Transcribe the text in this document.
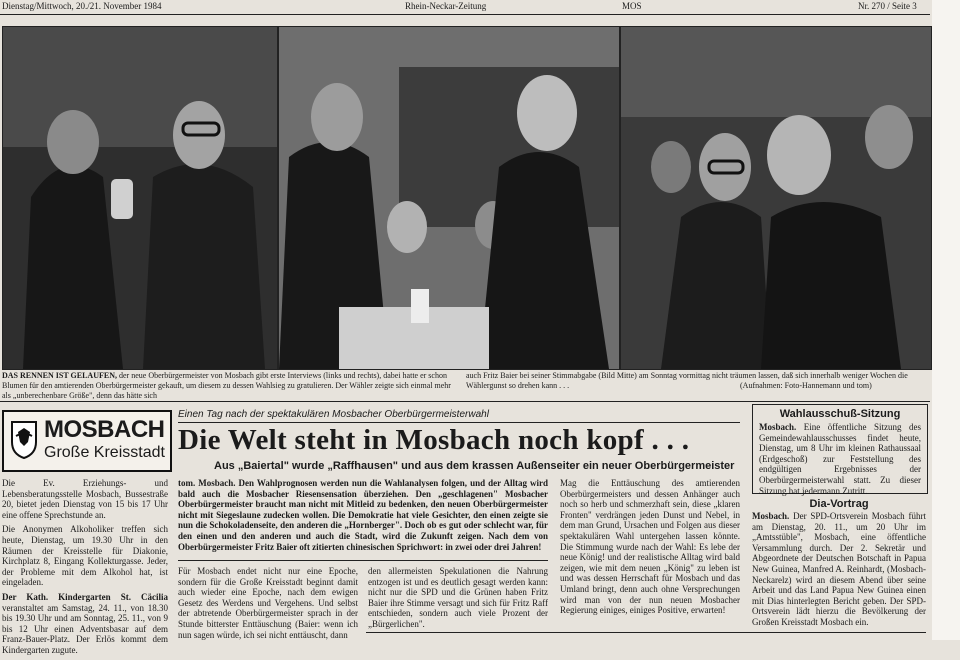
Dienstag/Mittwoch, 20./21. November 1984	Rhein-Neckar-Zeitung	MOS	Nr. 270 / Seite 3
DAS RENNEN IST GELAUFEN, der neue Oberbürgermeister von Mosbach gibt erste Interviews (links und rechts), dabei hatte er schon Blumen für den amtierenden Oberbürgermeister gekauft, um diesem zu dessen Wahlsieg zu gratulieren. Der Wähler zeigte sich einmal mehr als „unberechenbare Größe", denn das hätte sich
auch Fritz Baier bei seiner Stimmabgabe (Bild Mitte) am Sonntag vormittag nicht träumen lassen, daß sich innerhalb weniger Wochen die Wählergunst so drehen kann . . .	(Aufnahmen: Foto-Hannemann und tom)
MOSBACH
Große Kreisstadt

Die Ev. Erziehungs- und Lebensberatungsstelle Mosbach, Bussestraße 20, bietet jeden Dienstag von 15 bis 17 Uhr eine offene Sprechstunde an.

Die Anonymen Alkoholiker treffen sich heute, Dienstag, um 19.30 Uhr in den Räumen der Kreisstelle für Diakonie, Kirchplatz 8, Eingang Kollekturgasse. Jeder, der Probleme mit dem Alkohol hat, ist eingeladen.

Der Kath. Kindergarten St. Cäcilia veranstaltet am Samstag, 24. 11., von 18.30 bis 19.30 Uhr und am Sonntag, 25. 11., von 9 bis 12 Uhr einen Adventsbasar auf dem Franz-Bauer-Platz. Der Erlös kommt dem Kindergarten zugute.

Einen Tag nach der spektakulären Mosbacher Oberbürgermeisterwahl
Die Welt steht in Mosbach noch kopf . . .
Aus „Baiertal" wurde „Raffhausen" und aus dem krassen Außenseiter ein neuer Oberbürgermeister
tom. Mosbach. Den Wahlprognosen werden nun die Wahlanalysen folgen, und der Alltag wird bald auch die Mosbacher Riesensensation überziehen. Den „geschlagenen" Mosbacher Oberbürgermeister braucht man nicht mit Mitleid zu bedenken, den neuen Oberbürgermeister nicht mit Siegeslaune zudecken wollen. Die Demokratie hat viele Gesichter, den einen zeigte sie nun die Schokoladenseite, den anderen die „Hornberger". Doch ob es gut oder schlecht war, für den einen und den anderen und auch die Stadt, wird die Zukunft zeigen. Nach dem von Oberbürgermeister Fritz Baier oft zitierten chinesischen Sprichwort: in zwei oder drei Jahren!
Mag die Enttäuschung des amtierenden Oberbürgermeisters und dessen Anhänger auch noch so herb und schmerzhaft sein, diese „klaren Fronten" verdrängen jeden Dunst und Nebel, in dem man Grund, Ursachen und Folgen aus dieser spektakulären Wahl untergehen lassen könnte. Die Stimmung wurde nach der Wahl: Es lebe der neue König! und der realistische Alltag wird bald zeigen, wie mit dem neuen „König" zu leben ist und was dessen Herrschaft für Mosbach und das Umland bringt, denn auch ohne Versprechungen wird man von der nun neuen Mosbacher Regierung einiges, einiges Positive, erwarten!
Für Mosbach endet nicht nur eine Epoche, sondern für die Große Kreisstadt beginnt damit auch wieder eine Epoche, nach dem ewigen Gesetz des Werdens und Vergehens. Und selbst der abtretende Oberbürgermeister sprach in der Stunde bitterster Enttäuschung (Baier: wenn ich nun sagen würde, ich sei nicht enttäuscht, dann
den allermeisten Spekulationen die Nahrung entzogen ist und es deutlich gesagt werden kann: nicht nur die SPD und die Grünen haben Fritz Baier ihre Stimme versagt und sich für Fritz Raff entschieden, sondern auch viele Prozent der „Bürgerlichen".
Wahlausschuß-Sitzung
Mosbach. Eine öffentliche Sitzung des Gemeindewahlausschusses findet heute, Dienstag, um 8 Uhr im kleinen Rathaussaal (Erdgeschoß) zur Feststellung des endgültigen Ergebnisses der Oberbürgermeisterwahl statt. Zu dieser Sitzung hat jedermann Zutritt.
Dia-Vortrag
Mosbach. Der SPD-Ortsverein Mosbach führt am Dienstag, 20. 11., um 20 Uhr im „Amtsstüble", Mosbach, eine öffentliche Versammlung durch. Der 2. Sekretär und Abgeordnete der Deutschen Botschaft in Papua New Guinea, Manfred A. Reinhardt, (Mosbach-Neckarelz) wird an diesem Abend über seine Arbeit und das Land Papua New Guinea einen mit Dias hinterlegten Bericht geben. Der SPD-Ortsverein lädt hierzu die Bevölkerung der Großen Kreisstadt Mosbach ein.
